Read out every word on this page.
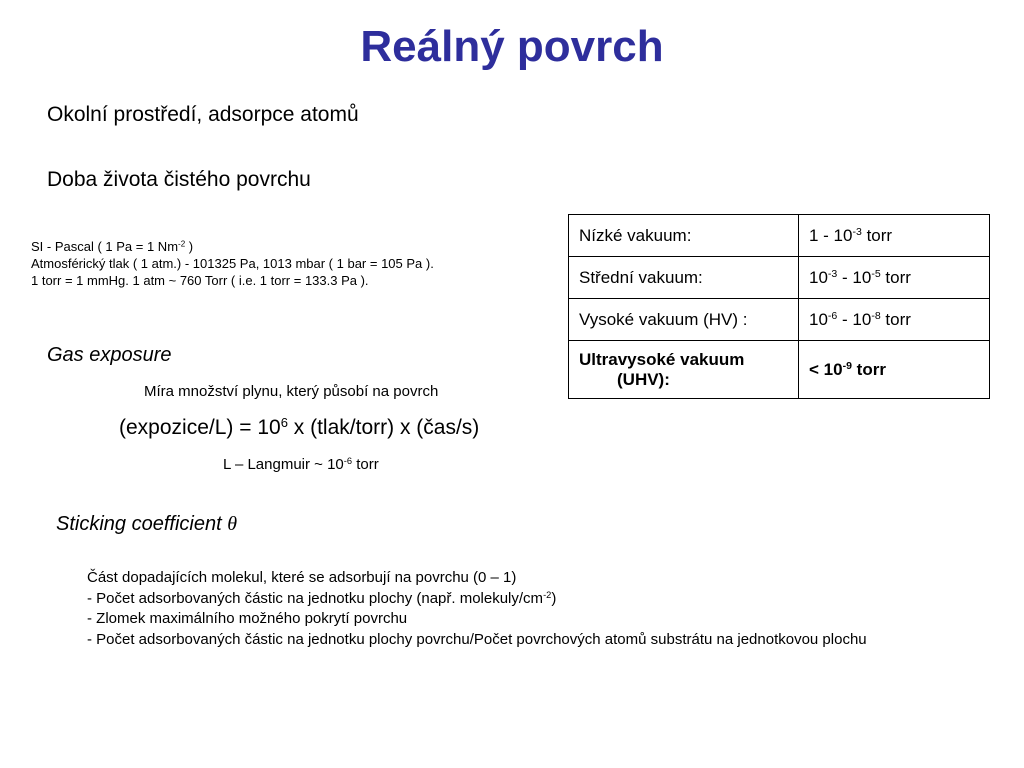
Reálný povrch
Okolní prostředí, adsorpce atomů
Doba života čistého povrchu
SI - Pascal ( 1 Pa = 1 $Nm^{-2}$ )
Atmosférický tlak ( 1 atm.) - 101325 Pa, 1013 mbar ( 1 bar = 105 Pa ).
1 torr = 1 mmHg. 1 atm ~ 760 Torr ( i.e. 1 torr = 133.3 Pa ).
Nízké vakuum:	$1 - 10^{-3}$ torr
Střední vakuum:	$10^{-3} - 10^{-5}$ torr
Vysoké vakuum (HV) :	$10^{-6} - 10^{-8}$ torr
Ultravysoké vakuum
(UHV):	< $10^{-9}$ torr
Gas exposure
Míra množství plynu, který působí na povrch
(expozice/L) = $10^6$ x (tlak/torr) x (čas/s)
L – Langmuir ~ $10^{-6}$ torr
Sticking coefficient θ
Část dopadajících molekul, které se adsorbují na povrchu (0 – 1)
- Počet adsorbovaných částic na jednotku plochy (např. molekuly/$cm^{-2}$)
- Zlomek maximálního možného pokrytí povrchu
- Počet adsorbovaných částic na jednotku plochy povrchu/Počet povrchových atomů substrátu na jednotkovou plochu
